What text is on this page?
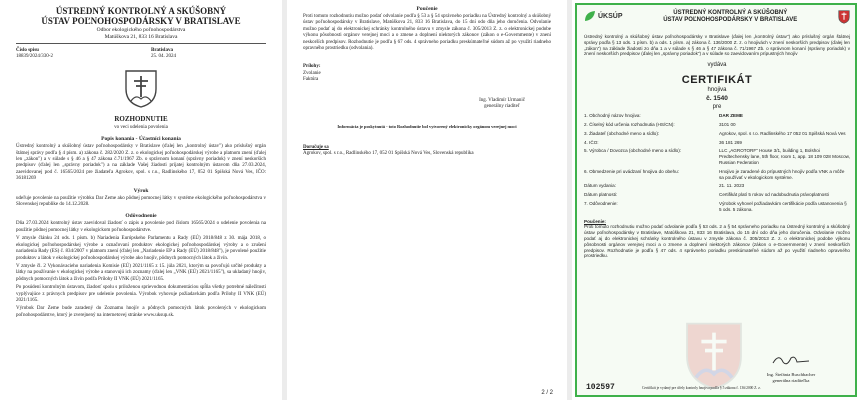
ÚSTREDNÝ KONTROLNÝ A SKÚŠOBNÝ

ÚSTAV POĽNOHOSPODÁRSKY V BRATISLAVE

Odbor ekologického poľnohospodárstva

Matúškova 21, 833 16 Bratislava

Číslo spisu

18839/2024/330-2

Bratislava

25. 04. 2024

ROZHODNUTIE

vo veci udelenia povolenia

Popis konania - Účastníci konania

Ústredný kontrolný a skúšobný ústav poľnohospodársky v Bratislave (ďalej len „kontrolný ústav") ako príslušný orgán štátnej správy podľa § 4 písm. a) zákona č. 282/2020 Z. z. o ekologickej poľnohospodárskej výrobe a platnom znení (ďalej len „zákon") a v súlade s § 46 a § 47 zákona č.71/1967 Zb. o správnom konaní (správny poriadok) v znení neskorších predpisov (ďalej len „správny poriadok") a na základe Vašej žiadosti prijatej kontrolným ústavom dňa 27.03.2024, zaevidovanej pod č. 16565/2024 pre žiadateľa Agrokov, spol. s r.o., Radlinského 17, 052 01 Spišská Nová Ves, IČO: 36181269

Výrok

udeľuje povolenie na použitie výrobku Dar Zeme ako pôdnej pomocnej látky v systéme ekologického poľnohospodárstva v Slovenskej republike do 14.12.2028.

Odôvodnenie

Dňa 27.03.2024 kontrolný ústav zaevidoval žiadosť o zápis a povolenie pod číslom 16565/2024 o udelenie povolenia na použitie pôdnej pomocnej látky v ekologickom poľnohospodárstve.

V zmysle článku 24 ods. 1 písm. b) Nariadenia Európskeho Parlamentu a Rady (EÚ) 2018/848 z 30. mája 2018, o ekologickej poľnohospodárskej výrobe a označovaní produktov ekologickej poľnohospodárskej výroby a o zrušení nariadenia Rady (ES) č. 834/2007 v platnom znení (ďalej len „Nariadenie EP a Rady (EÚ) 2018/848"), je povolené použitie produktov a látok v ekologickej poľnohospodárskej výrobe ako hnojív, pôdnych pomocných látok a živín.

V zmysle čl. 2 Vykonávacieho nariadenia Komisie (EÚ) 2021/1165 z 15. júla 2021, ktorým sa povoľujú určité produkty a látky na používanie v ekologickej výrobe a stanovujú ich zoznamy (ďalej len „VNK (EÚ) 2021/1165"), sa ukladaný hnojiv, pôdnych pomocných látok a živín podľa Prílohy II VNK (EÚ) 2021/1165.

Po posúdení kontrolným ústavom, žiadosť spolu s priloženou sprievodnou dokumentáciou spĺňa všetky potrebné náležitosti vyplývajúce z právnych predpisov pre udelenie povolenia. Výrobok vyhovuje požiadavkám podľa Prílohy II VNK (EÚ) 2021/1165.

Výrobok Dar Zeme bude zaradený do Zoznamu hnojív a pôdnych pomocných látok povolených v ekologickom poľnohospodárstve, ktorý je zverejnený na internetovej stránke www.uksup.sk.

Poučenie

Proti tomuto rozhodnutiu možno podať odvolanie podľa § 53 a § 54 správneho poriadku na Ústredný kontrolný a skúšobný ústav poľnohospodársky v Bratislave, Matúškova 21, 833 16 Bratislava, do 15 dní odo dňa jeho doručenia. Odvolanie možno podať aj do elektronickej schránky kontrolného ústavu v zmysle zákona č. 305/2013 Z. z. o elektronickej podobe výkonu pôsobnosti orgánov verejnej moci a o zmene a doplnení niektorých zákonov (zákon o e-Governmente) v znení neskorších predpisov. Rozhodnutie je podľa § 67 ods. 4 správneho poriadku preskúmateľné súdom až po využití riadneho opravného prostriedku (odvolania).

Prílohy:

Zvolanie

Faktúra

Ing. Vladimír Urmanič

generálny riaditeľ

Informácia je poskytnutá - toto Rozhodnutie bol vytvorený elektronicky orgánom verejnej moci

Doručuje sa

Agrokov, spol. s r.o., Radlinského 17, 052 01 Spišská Nová Ves, Slovenská republika

2 / 2
ÚKSÚP	ÚSTREDNÝ KONTROLNÝ A SKÚŠOBNÝ
ÚSTAV POĽNOHOSPODÁRSKY V BRATISLAVE

Ústredný kontrolný a skúšobný ústav poľnohospodársky v Bratislave (ďalej len „kontrolný ústav") ako príslušný orgán štátnej správy podľa § 13 ods. 1 písm. b) a ods. 1 písm. a) zákona č. 136/2000 Z. z. o hnojivách v znení neskorších predpisov (ďalej len „zákon") na základe žiadosti zo dňa 1 a v súlade s § 46 a § 47 zákona č. 71/1967 Zb. o správnom konaní (správny poriadok) v znení neskorších predpisov (ďalej len „správny poriadok") a v súlade so zaevidovaním prípustných hnojív

vydáva

CERTIFIKÁT

hnojiva

č. 1540

pre

1. Obchodný názov hnojiva:	DAR ZEME
2. Číselný kód určenia rozhodnutia (HS/CN):	3101 00
3. Žiadateľ (obchodné meno a sídlo):	Agrokov, spol. s r.o. Radlinského 17 052 01 Spišská Nová Ves
4. IČO:	36 181 269
5. Výrobca / Dovozca (obchodné meno a sídlo):	LLC „AGROTORF" House 3/1, building 1, Bolshoi Predtechensky lane, 5th floor, room 1, app. 18 109 028 Moscow, Russian Federation
6. Obmedzenie pri uvádzaní hnojiva do obehu:	Hnojivo je zaradené do prípustných hnojív podľa VNK a môže sa používať v ekologickom systéme.
Dátum vydania:	21. 11. 2023
Dátum platnosti:	Certifikát platí 5 rokov od nadobudnutia právoplatnosti
7. Odôvodnenie:	Výrobok vyhovel požiadavkám certifikácie podľa ustanovenia § 5 ods. 5 zákona.

Poučenie:

Proti tomuto rozhodnutiu možno podať odvolanie podľa § 53 ods. 2 a § 54 správneho poriadku na Ústredný kontrolný a skúšobný ústav poľnohospodársky v Bratislave, Matúškova 21, 833 16 Bratislava, do 15 dní odo dňa jeho doručenia. Odvolanie možno podať aj do elektronickej schránky kontrolného ústavu v zmysle zákona č. 305/2013 Z. z. o elektronickej podobe výkonu pôsobnosti orgánov verejnej moci a o zmene a doplnení niektorých zákonov (zákon o e-Governmente) v znení neskorších predpisov. Rozhodnutie je podľa § 47 ods. 4 správneho poriadku preskúmateľné súdom až po využití riadneho opravného prostriedku.

Ing. Štefánia Buschbacher

generálna riaditeľka

Certifikát je vydaný pre účely kontroly hnojiva podľa § 5 zákona č. 136/2000 Z. z.

102597
